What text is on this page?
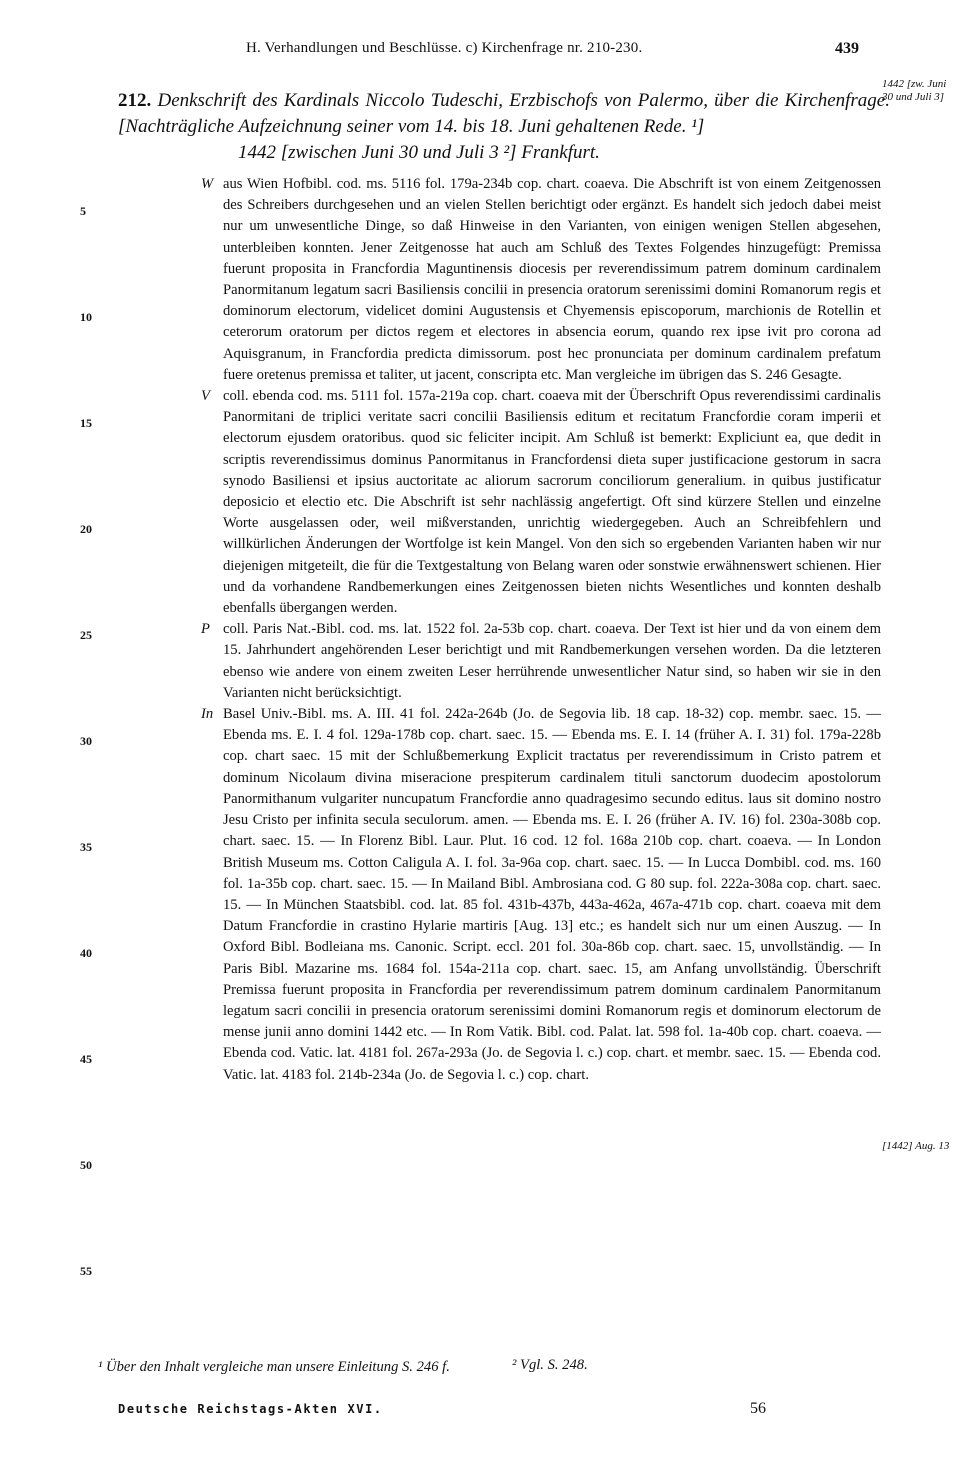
H. Verhandlungen und Beschlüsse. c) Kirchenfrage nr. 210-230.	439
212. Denkschrift des Kardinals Niccolo Tudeschi, Erzbischofs von Palermo, über die Kirchenfrage. [Nachträgliche Aufzeichnung seiner vom 14. bis 18. Juni gehaltenen Rede. ¹]
1442 [zwischen Juni 30 und Juli 3 ²] Frankfurt.
1442 [zw. Juni 30 und Juli 3]
[1442] Aug. 13
5
10
15
20
25
30
35
40
45
50
55
W aus Wien Hofbibl. cod. ms. 5116 fol. 179a-234b cop. chart. coaeva. Die Abschrift ist von einem Zeitgenossen des Schreibers durchgesehen und an vielen Stellen berichtigt oder ergänzt. Es handelt sich jedoch dabei meist nur um unwesentliche Dinge, so daß Hinweise in den Varianten, von einigen wenigen Stellen abgesehen, unterbleiben konnten. Jener Zeitgenosse hat auch am Schluß des Textes Folgendes hinzugefügt: Premissa fuerunt proposita in Francfordia Maguntinensis diocesis per reverendissimum patrem dominum cardinalem Panormitanum legatum sacri Basiliensis concilii in presencia oratorum serenissimi domini Romanorum regis et dominorum electorum, videlicet domini Augustensis et Chyemensis episcoporum, marchionis de Rotellin et ceterorum oratorum per dictos regem et electores in absencia eorum, quando rex ipse ivit pro corona ad Aquisgranum, in Francfordia predicta dimissorum. post hec pronunciata per dominum cardinalem prefatum fuere oretenus premissa et taliter, ut jacent, conscripta etc. Man vergleiche im übrigen das S. 246 Gesagte.
V coll. ebenda cod. ms. 5111 fol. 157a-219a cop. chart. coaeva mit der Überschrift Opus reverendissimi cardinalis Panormitani de triplici veritate sacri concilii Basiliensis editum et recitatum Francfordie coram imperii et electorum ejusdem oratoribus. quod sic feliciter incipit. Am Schluß ist bemerkt: Expliciunt ea, que dedit in scriptis reverendissimus dominus Panormitanus in Francfordensi dieta super justificacione gestorum in sacra synodo Basiliensi et ipsius auctoritate ac aliorum sacrorum conciliorum generalium. in quibus justificatur deposicio et electio etc. Die Abschrift ist sehr nachlässig angefertigt. Oft sind kürzere Stellen und einzelne Worte ausgelassen oder, weil mißverstanden, unrichtig wiedergegeben. Auch an Schreibfehlern und willkürlichen Änderungen der Wortfolge ist kein Mangel. Von den sich so ergebenden Varianten haben wir nur diejenigen mitgeteilt, die für die Textgestaltung von Belang waren oder sonstwie erwähnenswert schienen. Hier und da vorhandene Randbemerkungen eines Zeitgenossen bieten nichts Wesentliches und konnten deshalb ebenfalls übergangen werden.
P coll. Paris Nat.-Bibl. cod. ms. lat. 1522 fol. 2a-53b cop. chart. coaeva. Der Text ist hier und da von einem dem 15. Jahrhundert angehörenden Leser berichtigt und mit Randbemerkungen versehen worden. Da die letzteren ebenso wie andere von einem zweiten Leser herrührende unwesentlicher Natur sind, so haben wir sie in den Varianten nicht berücksichtigt.
In Basel Univ.-Bibl. ms. A. III. 41 fol. 242a-264b (Jo. de Segovia lib. 18 cap. 18-32) cop. membr. saec. 15. — Ebenda ms. E. I. 4 fol. 129a-178b cop. chart. saec. 15. — Ebenda ms. E. I. 14 (früher A. I. 31) fol. 179a-228b cop. chart saec. 15 mit der Schlußbemerkung Explicit tractatus per reverendissimum in Cristo patrem et dominum Nicolaum divina miseracione prespiterum cardinalem tituli sanctorum duodecim apostolorum Panormithanum vulgariter nuncupatum Francfordie anno quadragesimo secundo editus. laus sit domino nostro Jesu Cristo per infinita secula seculorum. amen. — Ebenda ms. E. I. 26 (früher A. IV. 16) fol. 230a-308b cop. chart. saec. 15. — In Florenz Bibl. Laur. Plut. 16 cod. 12 fol. 168a 210b cop. chart. coaeva. — In London British Museum ms. Cotton Caligula A. I. fol. 3a-96a cop. chart. saec. 15. — In Lucca Dombibl. cod. ms. 160 fol. 1a-35b cop. chart. saec. 15. — In Mailand Bibl. Ambrosiana cod. G 80 sup. fol. 222a-308a cop. chart. saec. 15. — In München Staatsbibl. cod. lat. 85 fol. 431b-437b, 443a-462a, 467a-471b cop. chart. coaeva mit dem Datum Francfordie in crastino Hylarie martiris [Aug. 13] etc.; es handelt sich nur um einen Auszug. — In Oxford Bibl. Bodleiana ms. Canonic. Script. eccl. 201 fol. 30a-86b cop. chart. saec. 15, unvollständig. — In Paris Bibl. Mazarine ms. 1684 fol. 154a-211a cop. chart. saec. 15, am Anfang unvollständig. Überschrift Premissa fuerunt proposita in Francfordia per reverendissimum patrem dominum cardinalem Panormitanum legatum sacri concilii in presencia oratorum serenissimi domini Romanorum regis et dominorum electorum de mense junii anno domini 1442 etc. — In Rom Vatik. Bibl. cod. Palat. lat. 598 fol. 1a-40b cop. chart. coaeva. — Ebenda cod. Vatic. lat. 4181 fol. 267a-293a (Jo. de Segovia l. c.) cop. chart. et membr. saec. 15. — Ebenda cod. Vatic. lat. 4183 fol. 214b-234a (Jo. de Segovia l. c.) cop. chart.
¹ Über den Inhalt vergleiche man unsere Einleitung S. 246 f.	² Vgl. S. 248.
Deutsche Reichstags-Akten XVI.	56
